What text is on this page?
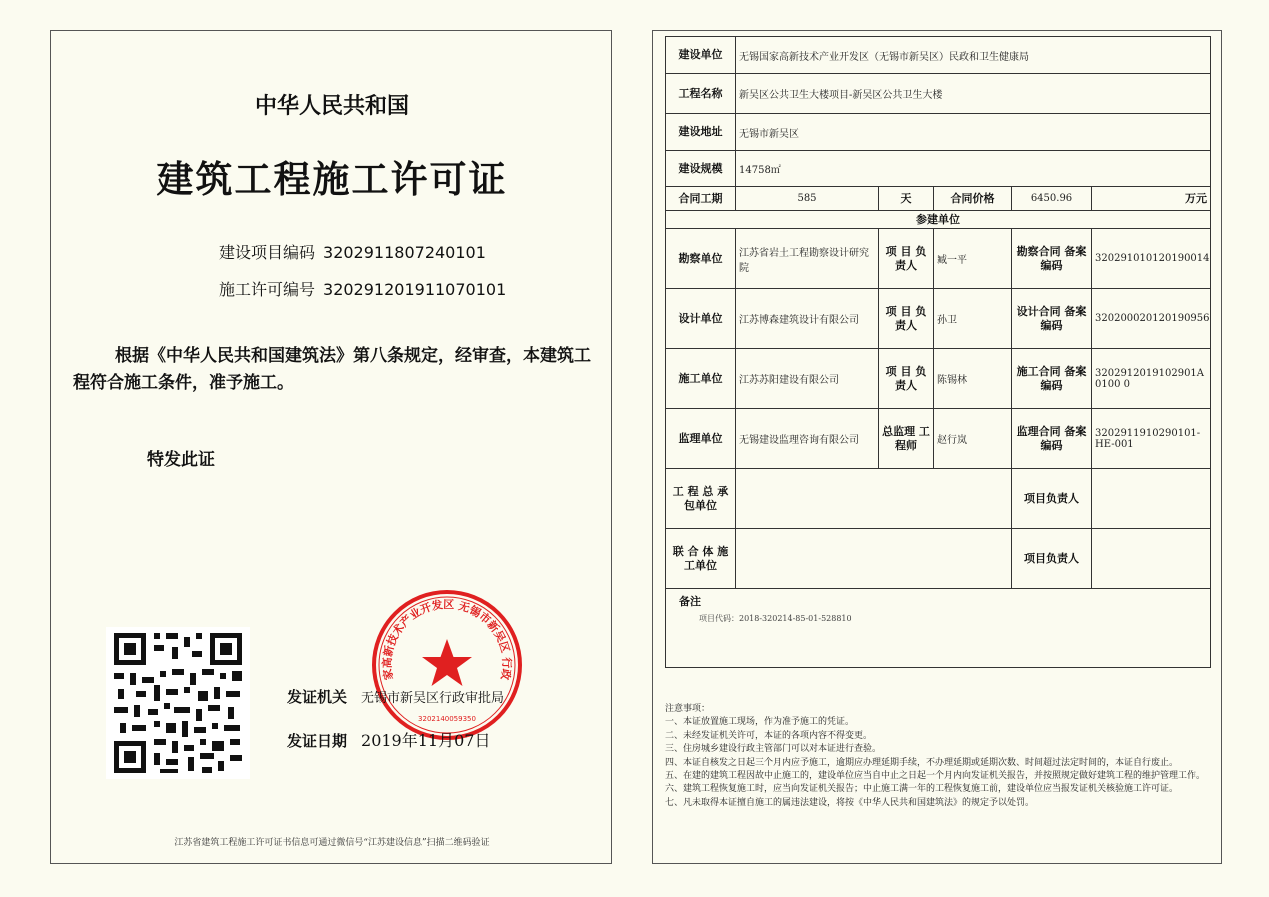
中华人民共和国
建筑工程施工许可证
建设项目编码 3202911807240101
施工许可编号 320291201911070101
根据《中华人民共和国建筑法》第八条规定，经审查，本建筑工程符合施工条件，准予施工。
特发此证
家高新技术产业开发区 无锡市新吴区 行政
3202140059350
发证机关 无锡市新吴区行政审批局
发证日期 2019年11月07日
江苏省建筑工程施工许可证书信息可通过微信号“江苏建设信息”扫描二维码验证
建设单位	无锡国家高新技术产业开发区（无锡市新吴区）民政和卫生健康局				
工程名称	新吴区公共卫生大楼项目-新吴区公共卫生大楼				
建设地址	无锡市新吴区				
建设规模	14758㎡				
合同工期	585	天	合同价格	6450.96	万元
参建单位					
勘察单位	江苏省岩土工程勘察设计研究院	项 目 负责人	臧一平	勘察合同 备案编码	320291010120190014
设计单位	江苏博森建筑设计有限公司	项 目 负责人	孙卫	设计合同 备案编码	320200020120190956
施工单位	江苏苏阳建设有限公司	项 目 负责人	陈锡林	施工合同 备案编码	3202912019102901A0100 0
监理单位	无锡建设监理咨询有限公司	总监理 工程师	赵行岚	监理合同 备案编码	3202911910290101-HE-001
工 程 总 承包单位				项目负责人	
联 合 体 施工单位				项目负责人	

备注
项目代码：2018-320214-85-01-528810					
注意事项：
一、本证放置施工现场，作为准予施工的凭证。
二、未经发证机关许可，本证的各项内容不得变更。
三、住房城乡建设行政主管部门可以对本证进行查验。
四、本证自核发之日起三个月内应予施工，逾期应办理延期手续，不办理延期或延期次数、时间超过法定时间的，本证自行废止。
五、在建的建筑工程因故中止施工的，建设单位应当自中止之日起一个月内向发证机关报告，并按照规定做好建筑工程的维护管理工作。
六、建筑工程恢复施工时，应当向发证机关报告；中止施工满一年的工程恢复施工前，建设单位应当报发证机关核验施工许可证。
七、凡未取得本证擅自施工的属违法建设，将按《中华人民共和国建筑法》的规定予以处罚。
